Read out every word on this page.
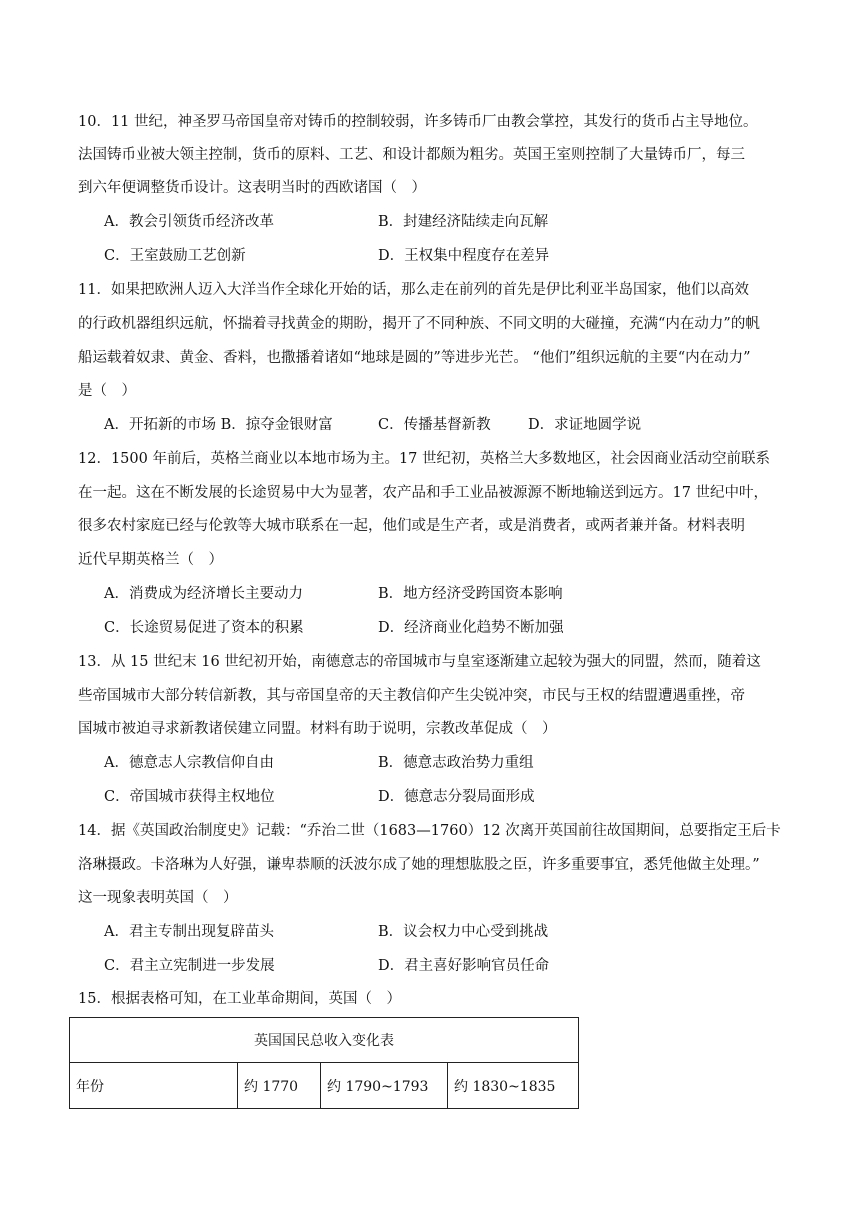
10．11 世纪，神圣罗马帝国皇帝对铸币的控制较弱，许多铸币厂由教会掌控，其发行的货币占主导地位。
法国铸币业被大领主控制，货币的原料、工艺、和设计都颇为粗劣。英国王室则控制了大量铸币厂，每三
到六年便调整货币设计。这表明当时的西欧诸国（　）
A．教会引领货币经济改革	B．封建经济陆续走向瓦解
C．王室鼓励工艺创新	D．王权集中程度存在差异
11．如果把欧洲人迈入大洋当作全球化开始的话，那么走在前列的首先是伊比利亚半岛国家，他们以高效
的行政机器组织远航，怀揣着寻找黄金的期盼，揭开了不同种族、不同文明的大碰撞，充满“内在动力”的帆
船运载着奴隶、黄金、香料，也撒播着诸如“地球是圆的”等进步光芒。 “他们”组织远航的主要“内在动力”
是（　）
A．开拓新的市场 B．掠夺金银财富	C．传播基督新教	D．求证地圆学说
12．1500 年前后，英格兰商业以本地市场为主。17 世纪初，英格兰大多数地区，社会因商业活动空前联系
在一起。这在不断发展的长途贸易中大为显著，农产品和手工业品被源源不断地输送到远方。17 世纪中叶，
很多农村家庭已经与伦敦等大城市联系在一起，他们或是生产者，或是消费者，或两者兼并备。材料表明
近代早期英格兰（　）
A．消费成为经济增长主要动力	B．地方经济受跨国资本影响
C．长途贸易促进了资本的积累	D．经济商业化趋势不断加强
13．从 15 世纪末 16 世纪初开始，南德意志的帝国城市与皇室逐渐建立起较为强大的同盟，然而，随着这
些帝国城市大部分转信新教，其与帝国皇帝的天主教信仰产生尖锐冲突，市民与王权的结盟遭遇重挫，帝
国城市被迫寻求新教诸侯建立同盟。材料有助于说明，宗教改革促成（　）
A．德意志人宗教信仰自由	B．德意志政治势力重组
C．帝国城市获得主权地位	D．德意志分裂局面形成
14．据《英国政治制度史》记载：“乔治二世（1683—1760）12 次离开英国前往故国期间，总要指定王后卡
洛琳摄政。卡洛琳为人好强，谦卑恭顺的沃波尔成了她的理想肱股之臣，许多重要事宜，悉凭他做主处理。”
这一现象表明英国（　）
A．君主专制出现复辟苗头	B．议会权力中心受到挑战
C．君主立宪制进一步发展	D．君主喜好影响官员任命
15．根据表格可知，在工业革命期间，英国（　）
英国国民总收入变化表
年份	约 1770	约 1790~1793	约 1830~1835
